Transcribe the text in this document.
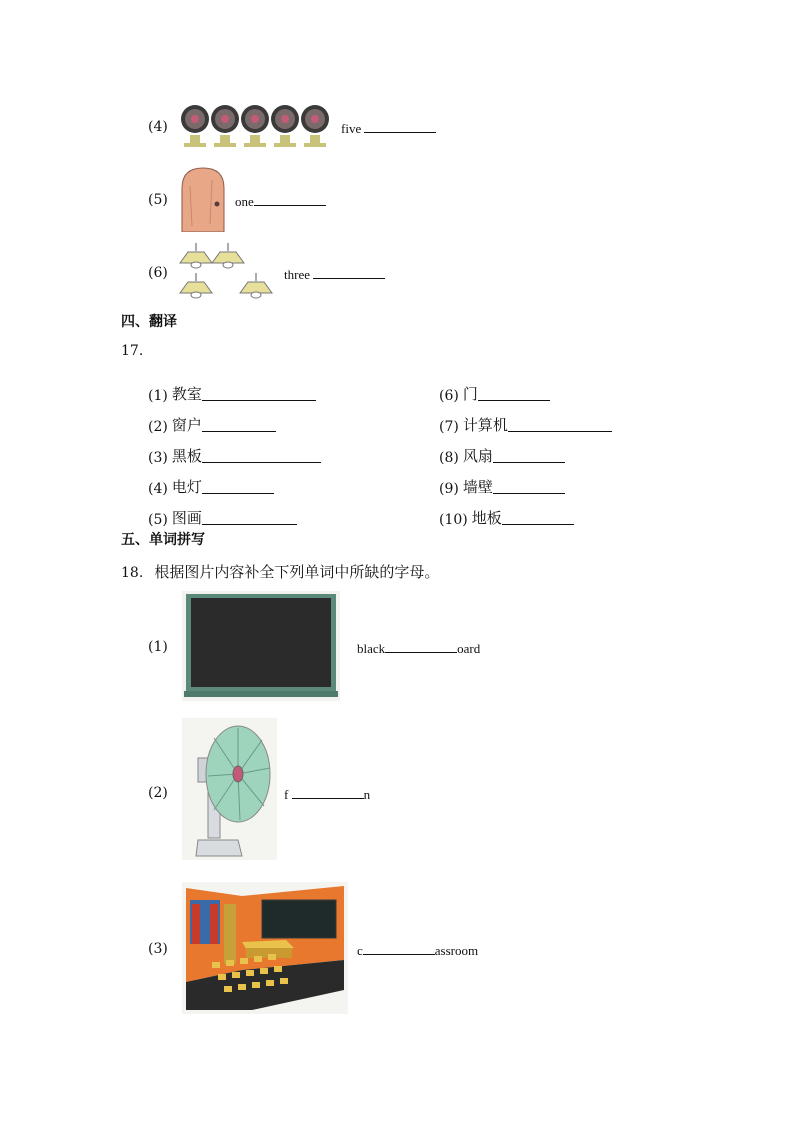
(4)	five
(5)	one
(6)	three
四、翻译
17.
(1) 教室
(2) 窗户
(3) 黑板
(4) 电灯
(5) 图画
(6) 门
(7) 计算机
(8) 风扇
(9) 墙壁
(10) 地板
五、单词拼写
18. 根据图片内容补全下列单词中所缺的字母。
(1)	black	oard
(2)	f	n
(3)	c	assroom
